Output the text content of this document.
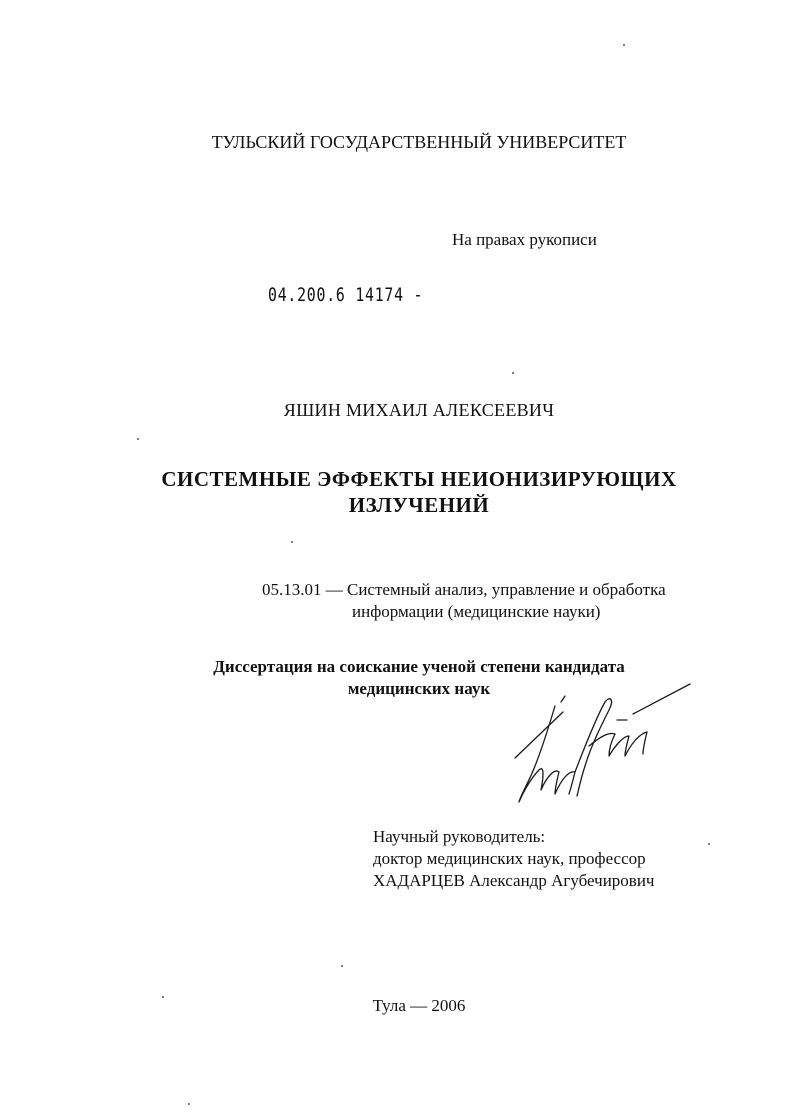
ТУЛЬСКИЙ ГОСУДАРСТВЕННЫЙ УНИВЕРСИТЕТ
На правах рукописи
04.200.6 14174 -
ЯШИН МИХАИЛ АЛЕКСЕЕВИЧ
СИСТЕМНЫЕ ЭФФЕКТЫ НЕИОНИЗИРУЮЩИХ
ИЗЛУЧЕНИЙ
05.13.01 — Системный анализ, управление и обработка
информации (медицинские науки)
Диссертация на соискание ученой степени кандидата
медицинских наук
Научный руководитель:
доктор медицинских наук, профессор
ХАДАРЦЕВ Александр Агубечирович
Тула — 2006
